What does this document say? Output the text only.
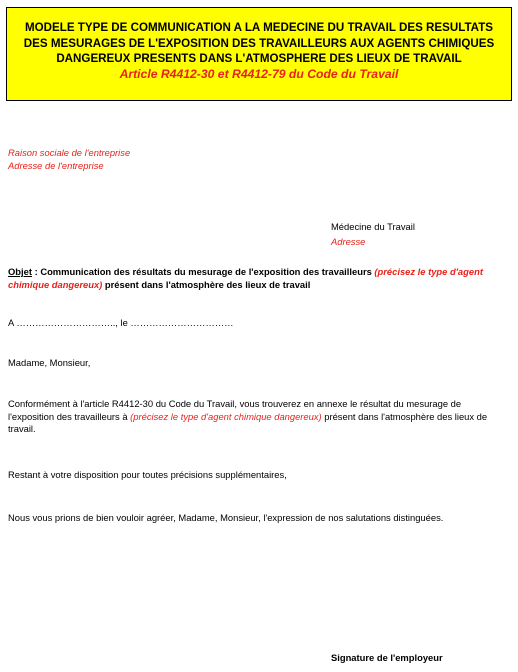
MODELE TYPE DE COMMUNICATION A LA MEDECINE DU TRAVAIL DES RESULTATS
DES MESURAGES DE L'EXPOSITION DES TRAVAILLEURS AUX AGENTS CHIMIQUES
DANGEREUX PRESENTS DANS L'ATMOSPHERE DES LIEUX DE TRAVAIL
Article R4412-30 et R4412-79 du Code du Travail
Raison sociale de l'entreprise
Adresse de l'entreprise
Médecine du Travail
Adresse
Objet : Communication des résultats du mesurage de l'exposition des travailleurs (précisez le type d'agent chimique dangereux) présent dans l'atmosphère des lieux de travail
A ………………………….., le ……………………………
Madame, Monsieur,
Conformément à l'article R4412-30 du Code du Travail, vous trouverez en annexe le résultat du mesurage de l'exposition des travailleurs à (précisez le type d'agent chimique dangereux) présent dans l'atmosphère des lieux de travail.
Restant à votre disposition pour toutes précisions supplémentaires,
Nous vous prions de bien vouloir agréer, Madame, Monsieur, l'expression de nos salutations distinguées.
Signature de l'employeur
